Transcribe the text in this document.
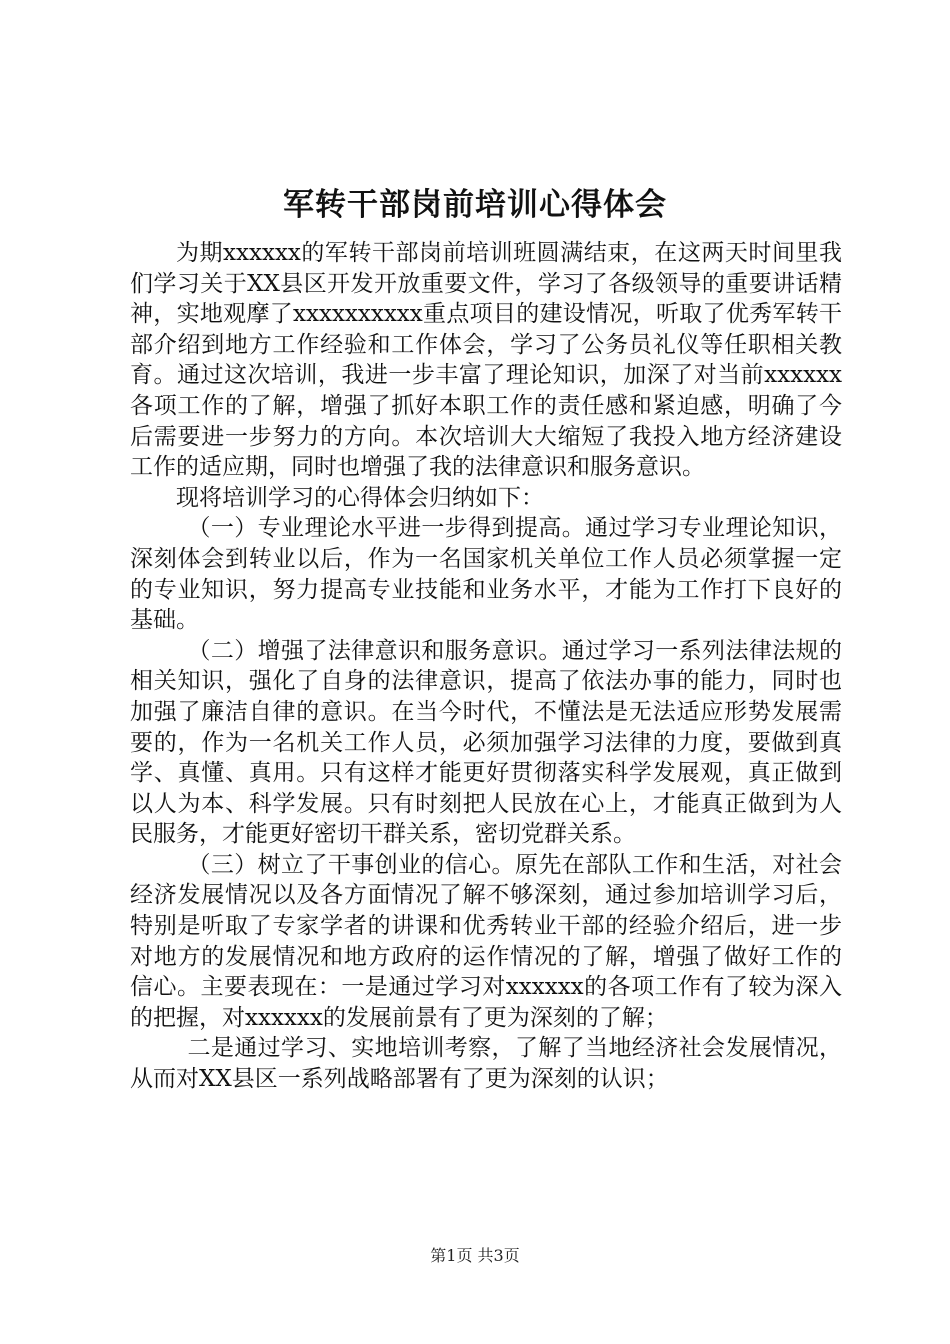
军转干部岗前培训心得体会

为期xxxxxx的军转干部岗前培训班圆满结束，在这两天时间里我们学习关于XX县区开发开放重要文件，学习了各级领导的重要讲话精神，实地观摩了xxxxxxxxxx重点项目的建设情况，听取了优秀军转干部介绍到地方工作经验和工作体会，学习了公务员礼仪等任职相关教育。通过这次培训，我进一步丰富了理论知识，加深了对当前xxxxxx各项工作的了解，增强了抓好本职工作的责任感和紧迫感，明确了今后需要进一步努力的方向。本次培训大大缩短了我投入地方经济建设工作的适应期，同时也增强了我的法律意识和服务意识。

现将培训学习的心得体会归纳如下：

（一）专业理论水平进一步得到提高。通过学习专业理论知识，深刻体会到转业以后，作为一名国家机关单位工作人员必须掌握一定的专业知识，努力提高专业技能和业务水平，才能为工作打下良好的基础。

（二）增强了法律意识和服务意识。通过学习一系列法律法规的相关知识，强化了自身的法律意识，提高了依法办事的能力，同时也加强了廉洁自律的意识。在当今时代，不懂法是无法适应形势发展需要的，作为一名机关工作人员，必须加强学习法律的力度，要做到真学、真懂、真用。只有这样才能更好贯彻落实科学发展观，真正做到以人为本、科学发展。只有时刻把人民放在心上，才能真正做到为人民服务，才能更好密切干群关系，密切党群关系。

（三）树立了干事创业的信心。原先在部队工作和生活，对社会经济发展情况以及各方面情况了解不够深刻，通过参加培训学习后，特别是听取了专家学者的讲课和优秀转业干部的经验介绍后，进一步对地方的发展情况和地方政府的运作情况的了解，增强了做好工作的信心。主要表现在：一是通过学习对xxxxxx的各项工作有了较为深入的把握，对xxxxxx的发展前景有了更为深刻的了解；

二是通过学习、实地培训考察，了解了当地经济社会发展情况，从而对XX县区一系列战略部署有了更为深刻的认识；

第1页 共3页
